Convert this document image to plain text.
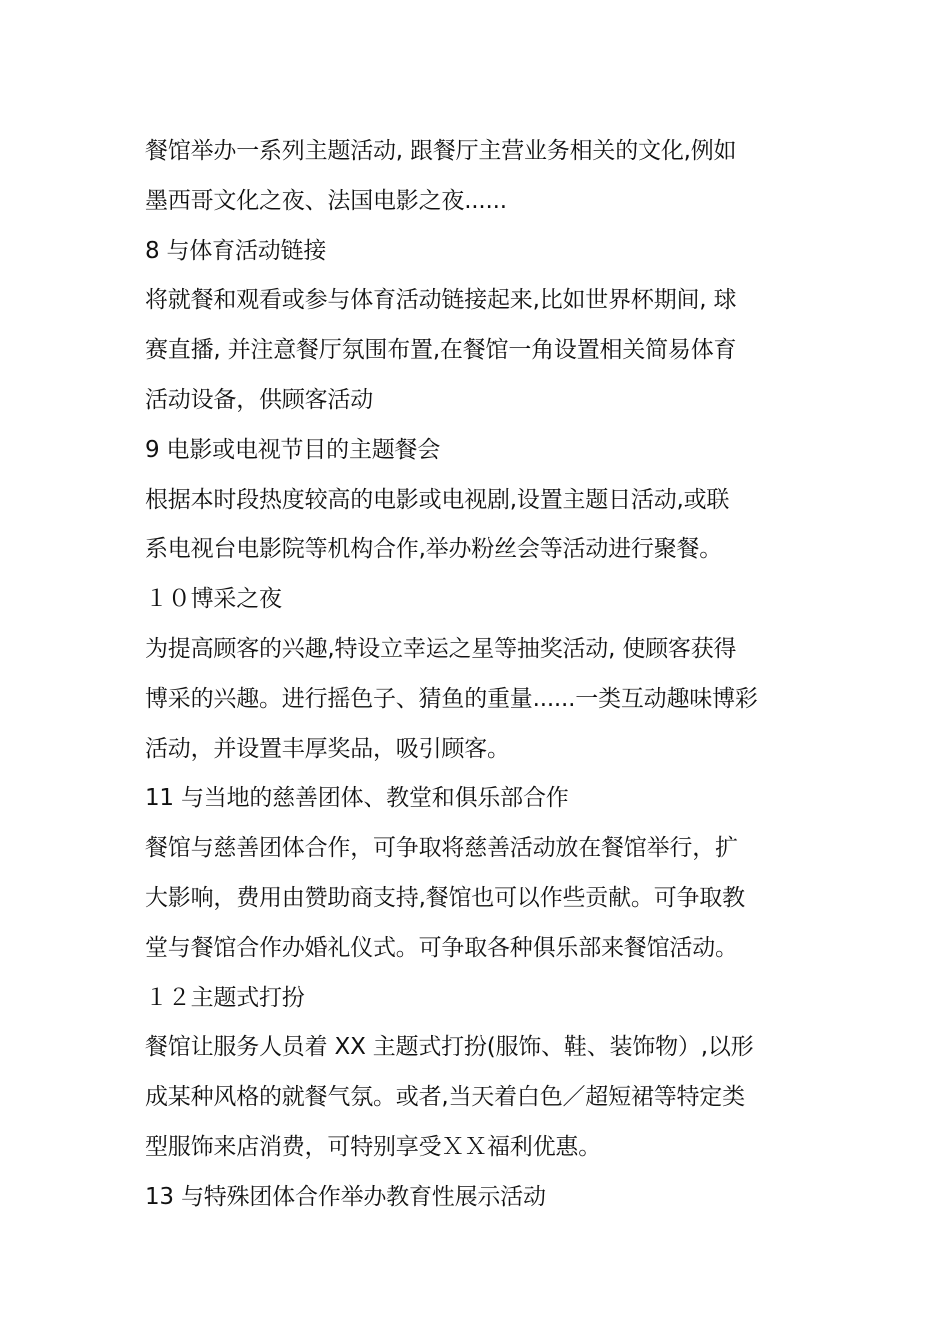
餐馆举办一系列主题活动, 跟餐厅主营业务相关的文化,例如
墨西哥文化之夜、法国电影之夜......
8 与体育活动链接
将就餐和观看或参与体育活动链接起来,比如世界杯期间, 球
赛直播, 并注意餐厅氛围布置,在餐馆一角设置相关简易体育
活动设备，供顾客活动
9 电影或电视节目的主题餐会
根据本时段热度较高的电影或电视剧,设置主题日活动,或联
系电视台电影院等机构合作,举办粉丝会等活动进行聚餐。
１０博采之夜
为提高顾客的兴趣,特设立幸运之星等抽奖活动, 使顾客获得
博采的兴趣。进行摇色子、猜鱼的重量......一类互动趣味博彩
活动，并设置丰厚奖品，吸引顾客。
11 与当地的慈善团体、教堂和俱乐部合作
餐馆与慈善团体合作，可争取将慈善活动放在餐馆举行，扩
大影响，费用由赞助商支持,餐馆也可以作些贡献。可争取教
堂与餐馆合作办婚礼仪式。可争取各种俱乐部来餐馆活动。
１２主题式打扮
餐馆让服务人员着 XX 主题式打扮(服饰、鞋、装饰物）,以形
成某种风格的就餐气氛。或者,当天着白色／超短裙等特定类
型服饰来店消费，可特别享受ＸＸ福利优惠。
13 与特殊团体合作举办教育性展示活动
